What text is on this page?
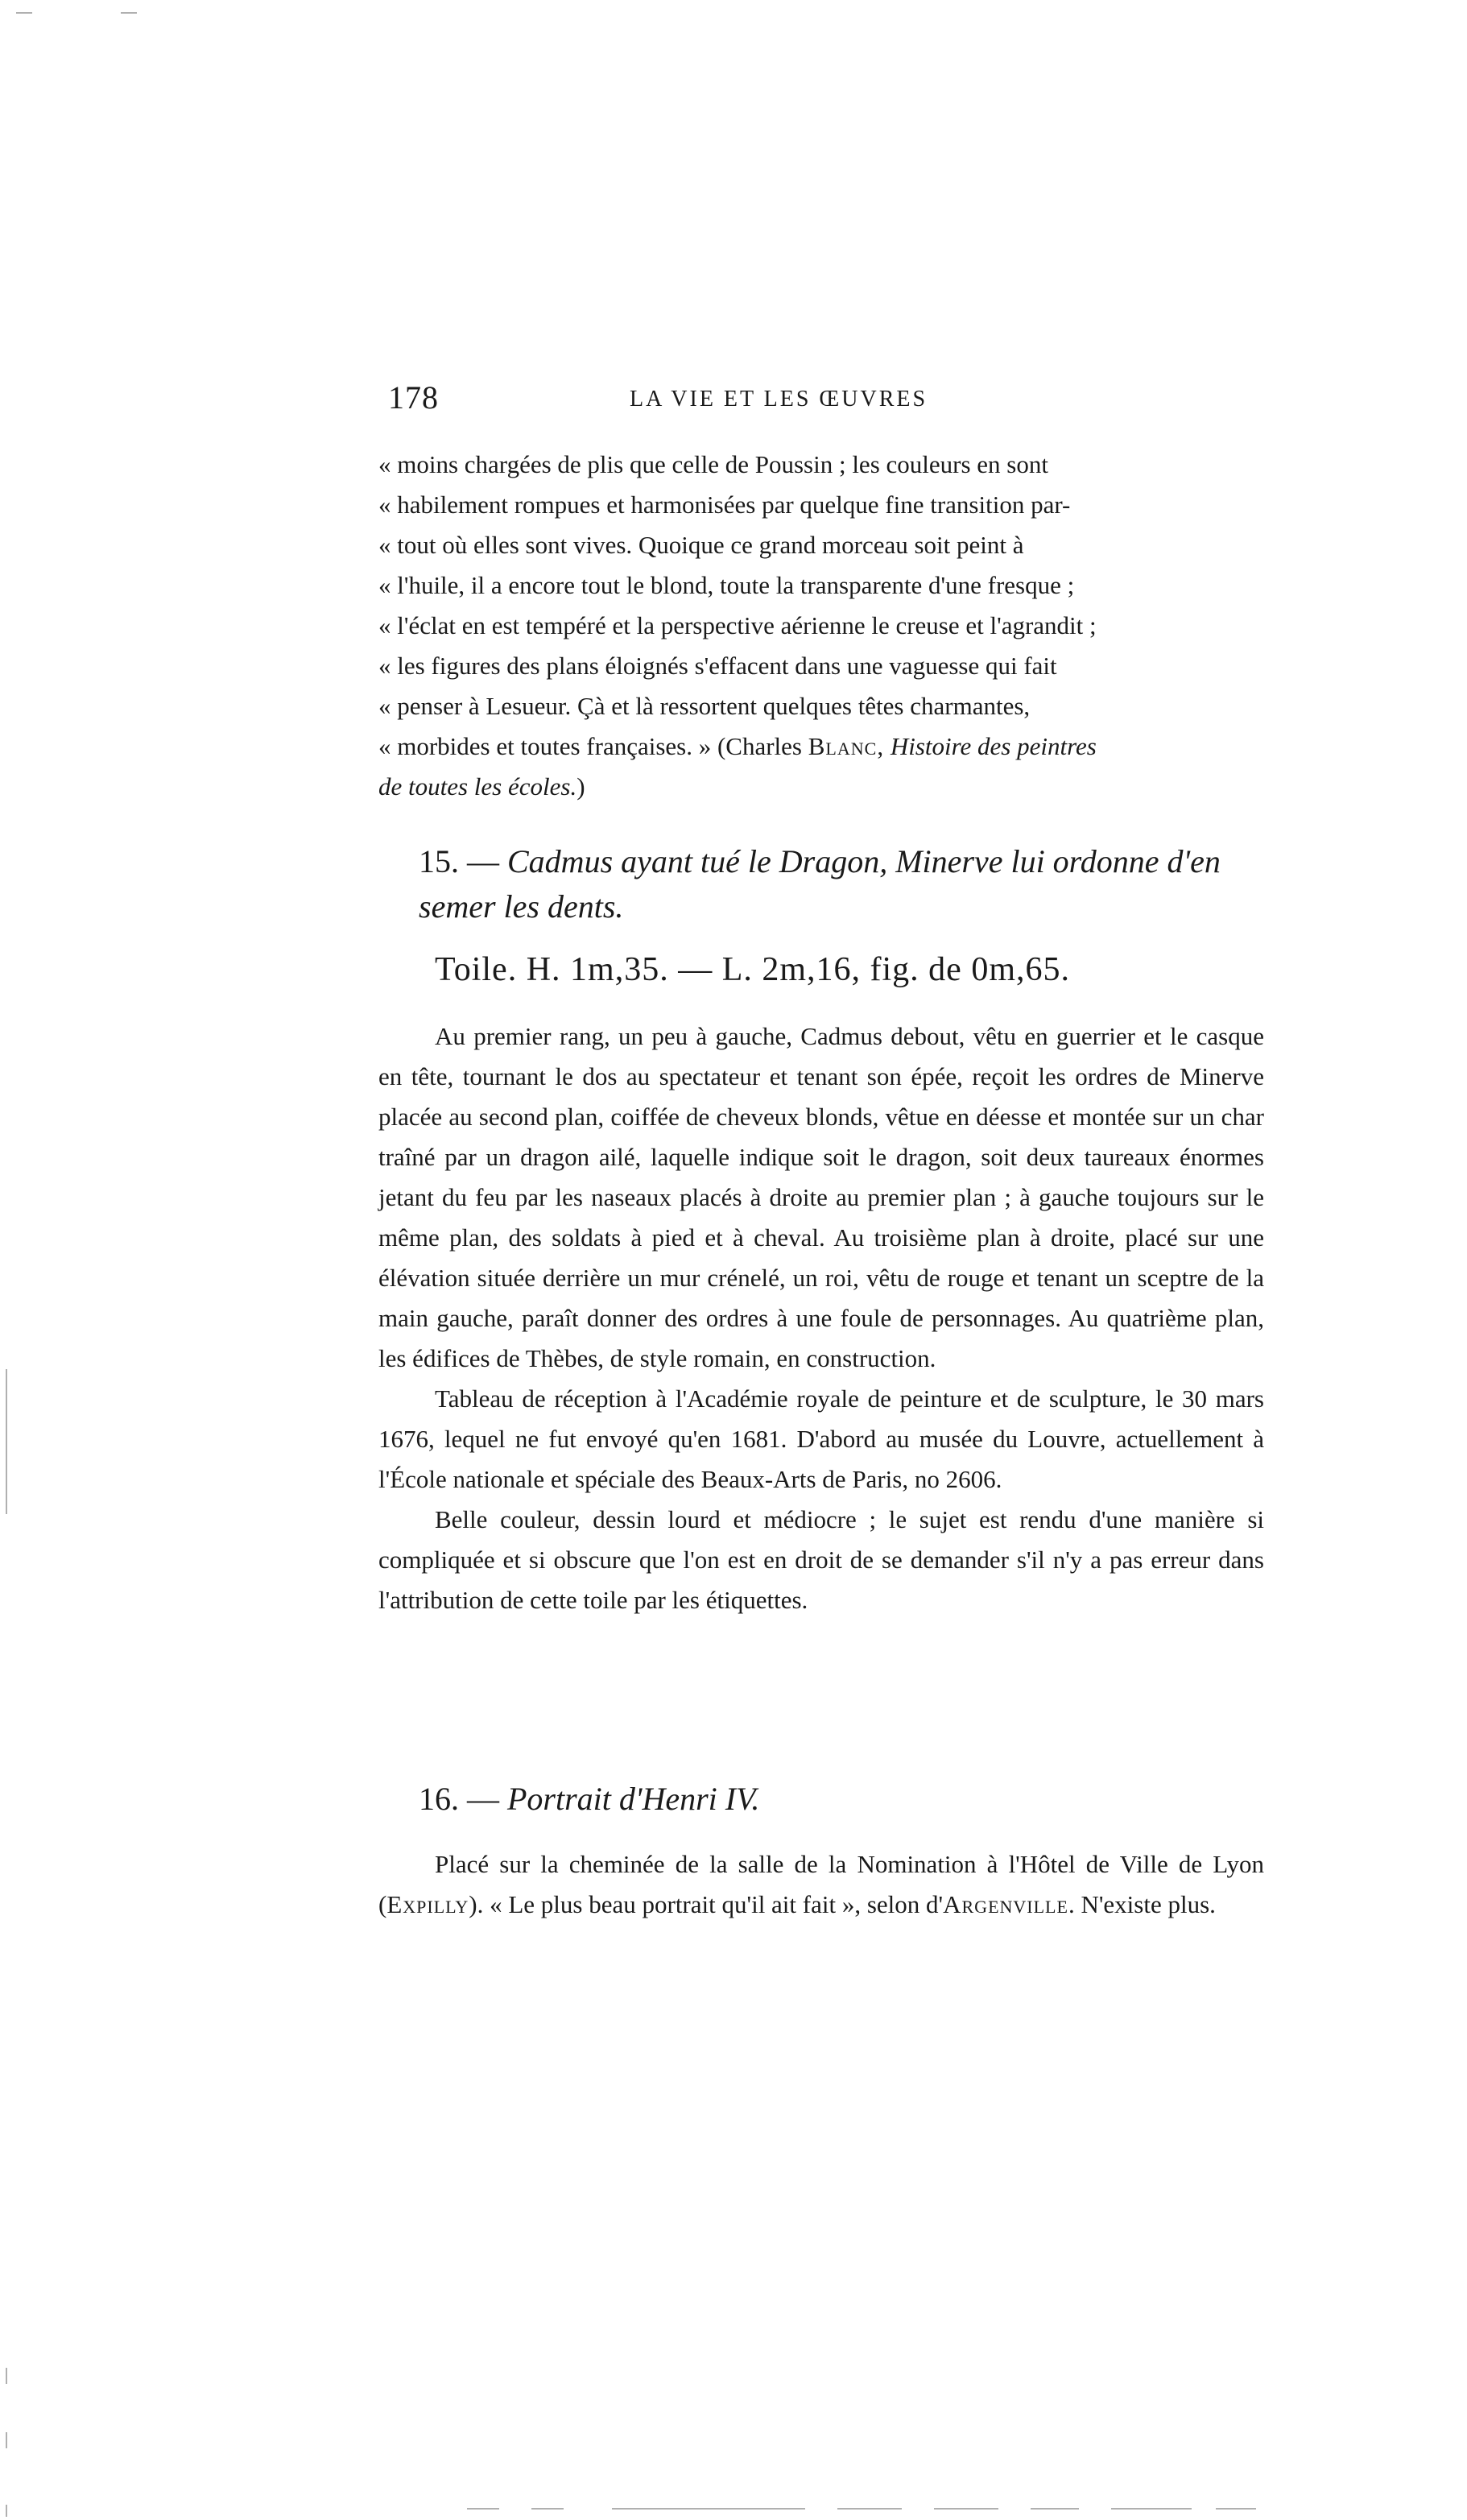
178	LA VIE ET LES ŒUVRES

« moins chargées de plis que celle de Poussin ; les couleurs en sont

« habilement rompues et harmonisées par quelque fine transition par-

« tout où elles sont vives. Quoique ce grand morceau soit peint à

« l'huile, il a encore tout le blond, toute la transparente d'une fresque ;

« l'éclat en est tempéré et la perspective aérienne le creuse et l'agrandit ;

« les figures des plans éloignés s'effacent dans une vaguesse qui fait

« penser à Lesueur. Çà et là ressortent quelques têtes charmantes,

« morbides et toutes françaises. » (Charles Blanc, Histoire des peintres

de toutes les écoles.)

15. — Cadmus ayant tué le Dragon, Minerve lui ordonne d'en semer les dents.
Toile. H. 1m,35. — L. 2m,16, fig. de 0m,65.

Au premier rang, un peu à gauche, Cadmus debout, vêtu en guerrier et le casque en tête, tournant le dos au spectateur et tenant son épée, reçoit les ordres de Minerve placée au second plan, coiffée de cheveux blonds, vêtue en déesse et montée sur un char traîné par un dragon ailé, laquelle indique soit le dragon, soit deux taureaux énormes jetant du feu par les naseaux placés à droite au premier plan ; à gauche toujours sur le même plan, des soldats à pied et à cheval. Au troisième plan à droite, placé sur une élévation située derrière un mur crénelé, un roi, vêtu de rouge et tenant un sceptre de la main gauche, paraît donner des ordres à une foule de personnages. Au quatrième plan, les édifices de Thèbes, de style romain, en construction.

Tableau de réception à l'Académie royale de peinture et de sculpture, le 30 mars 1676, lequel ne fut envoyé qu'en 1681. D'abord au musée du Louvre, actuellement à l'École nationale et spéciale des Beaux-Arts de Paris, no 2606.

Belle couleur, dessin lourd et médiocre ; le sujet est rendu d'une manière si compliquée et si obscure que l'on est en droit de se demander s'il n'y a pas erreur dans l'attribution de cette toile par les étiquettes.

16. — Portrait d'Henri IV.

Placé sur la cheminée de la salle de la Nomination à l'Hôtel de Ville de Lyon (Expilly). « Le plus beau portrait qu'il ait fait », selon d'Argenville. N'existe plus.
